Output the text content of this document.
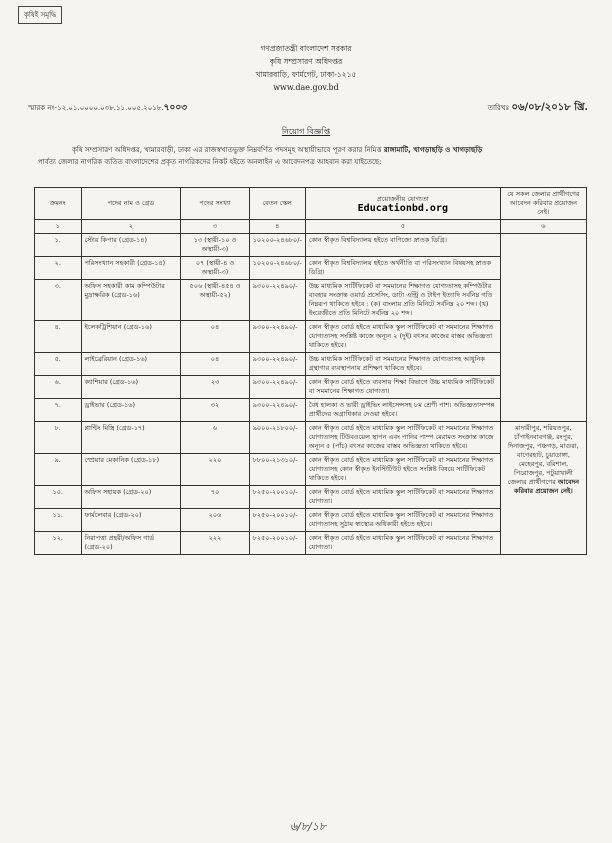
কৃষিই সমৃদ্ধি
গণপ্রজাতন্ত্রী বাংলাদেশ সরকার
কৃষি সম্প্রসারণ অধিদপ্তর
খামারবাড়ি, ফার্মগেট, ঢাকা-১২১৫
www.dae.gov.bd
স্মারক নং-১২.০১.০০০০.০৩৮.১১.০০৫.২০১৮.৭০০৩	তারিখঃ ০৬/০৮/২০১৮ খ্রি.
নিয়োগ বিজ্ঞপ্তি
কৃষি সম্প্রসারণ অধিদপ্তর, খামারবাড়ী, ঢাকা এর রাজস্বখাতভুক্ত নিম্নবর্ণিত পদসমূহ অস্থায়ীভাবে পূরণ করার নিমিত্ত রাঙ্গামাটি, খাগড়াছড়ি ও খাগড়াছড়ি
পার্বত্য জেলার নাগরিক ব্যতিত বাংলাদেশের প্রকৃত নাগরিকদের নিকট হইতে অনলাইন এ আবেদনপত্র আহবান করা যাইতেছে:
ক্রমনং	পদের নাম ও গ্রেড	পদের সংখ্যা	বেতন স্কেল	প্রয়োজনীয় যোগ্যতা
Educationbd.org	যে সকল জেলার প্রার্থীগণের আবেদন করিবার প্রয়োজন নেই।
১	২	৩	৪	৫	৬
১.	স্টোর কিপার (গ্রেড-১৪)	১৩ (স্থায়ী-১০ ও অস্থায়ী-৩)	১০২০০-২৪৬৮০/-	কোন স্বীকৃত বিশ্ববিদ্যালয় হইতে বাণিজ্যে স্নাতক ডিগ্রি।	
২.	পরিসংখ্যান সহকারী (গ্রেড-১৪)	০৭ (স্থায়ী-৪ ও অস্থায়ী-৩)	১০২০০-২৪৬৮০/-	কোন স্বীকৃত বিশ্ববিদ্যালয় হইতে অর্থনীতি বা পরিসংখ্যান বিষয়সহ স্নাতক ডিগ্রি।	
৩.	অফিস সহকারী কাম কম্পিউটার মুদ্রাক্ষরিক (গ্রেড-১৬)	৫০৬ (স্থায়ী-৪৫৪ ও অস্থায়ী-৫২)	৯৩০০-২২৪৯০/-	উচ্চ মাধ্যমিক সার্টিফিকেট বা সমমানের শিক্ষাগত যোগ্যতাসহ কম্পিউটার ব্যবহার সংক্রান্ত ওয়ার্ড প্রসেসিং, ডাটা এন্ট্রি ও টাইপ ইত্যাদি সর্বনিম্ন গতি নিম্নরূপ থাকিতে হইবে : (ক) বাংলায় প্রতি মিনিটে সর্বনিম্ন ২০ শব্দ। (খ) ইংরেজীতে প্রতি মিনিটে সর্বনিম্ন ২০ শব্দ।	
৪.	ইলেকট্রিশিয়ান (গ্রেড-১৬)	০৪	৯৩০০-২২৪৯০/-	কোন স্বীকৃত বোর্ড হইতে মাধ্যমিক স্কুল সার্টিফিকেট বা সমমানের শিক্ষাগত যোগ্যতাসহ সংশ্লিষ্ট কাজে অন্যূন ২ (দুই) বৎসর কাজের বাস্তব অভিজ্ঞতা থাকিতে হইবে।	
৫.	লাইব্রেরিয়ান (গ্রেড-১৬)	০৪	৯৩০০-২২৪৯০/-	উচ্চ মাধ্যমিক সার্টিফিকেট বা সমমানের শিক্ষাগত যোগ্যতাসহ আধুনিক গ্রন্থাগার ব্যবস্থাপনায় প্রশিক্ষণ থাকিতে হইবে।	
৬.	ক্যাশিয়ার (গ্রেড-১৬)	২৩	৯৩০০-২২৪৯০/-	কোন স্বীকৃত বোর্ড হইতে ব্যবসায় শিক্ষা বিভাগে উচ্চ মাধ্যমিক সার্টিফিকেট বা সমমানের শিক্ষাগত যোগ্যতা।	
৭.	ড্রাইভার (গ্রেড-১৬)	৩২	৯৩০০-২২৪৯০/-	বৈধ হালকা ও ভারী ড্রাইভিং লাইসেন্সসহ ৮ম শ্রেণী পাশ। অভিজ্ঞতাসম্পন্ন প্রার্থীদের অগ্রাধিকার দেওয়া হইবে।	
৮.	প্লান্টিং মিস্ত্রি (গ্রেড-১৭)	৬	৯০০০-২১৮০০/-	কোন স্বীকৃত বোর্ড হইতে মাধ্যমিক স্কুল সার্টিফিকেট বা সমমানের শিক্ষাগত যোগ্যতাসহ টিউবওয়েল স্থাপন এবং পানির পাম্প মেরামত সংক্রান্ত কাজে অন্যূন ৫ (পাঁচ) বৎসর কাজের বাস্তব অভিজ্ঞতা থাকিতে হইবে।	মাদারীপুর, শরিয়তপুর, চাঁপাইনবাবগঞ্জ, রংপুর, দিনাজপুর, পঞ্চগড়, মাগুরা, বাগেরহাট, চুয়াডাঙ্গা, মেহেরপুর, বরিশাল, পিরোজপুর, পটুয়াখালী জেলার প্রার্থীগণের আবেদন করিবার প্রয়োজন নেই।
৯.	স্প্রেয়ার মেকানিক (গ্রেড-১৮)	২২০	৮৮০০-২১৩১০/-	কোন স্বীকৃত বোর্ড হইতে মাধ্যমিক স্কুল সার্টিফিকেট বা সমমানের শিক্ষাগত যোগ্যতাসহ কোন স্বীকৃত ইনস্টিটিউট হইতে সংশ্লিষ্ট বিষয়ে সার্টিফিকেট থাকিতে হইবে।	
১০.	অফিস সহায়ক (গ্রেড-২০)	৭০	৮২৫০-২০০১০/-	কোন স্বীকৃত বোর্ড হইতে মাধ্যমিক স্কুল সার্টিফিকেট বা সমমানের শিক্ষাগত যোগ্যতা।	
১১.	ফার্মলেবার (গ্রেড-২০)	২০৬	৮২৫০-২০০১০/-	কোন স্বীকৃত বোর্ড হইতে মাধ্যমিক স্কুল সার্টিফিকেট বা সমমানের শিক্ষাগত যোগ্যতাসহ সুঠাম স্বাস্থ্যের অধিকারী হইতে হইবে।	
১২.	নিরাপত্তা প্রহরী/অফিস গার্ড (গ্রেড-২০)	২২২	৮২৫০-২০০১০/-	কোন স্বীকৃত বোর্ড হইতে মাধ্যমিক স্কুল সার্টিফিকেট বা সমমানের শিক্ষাগত যোগ্যতা।	
৬/৮/১৮
